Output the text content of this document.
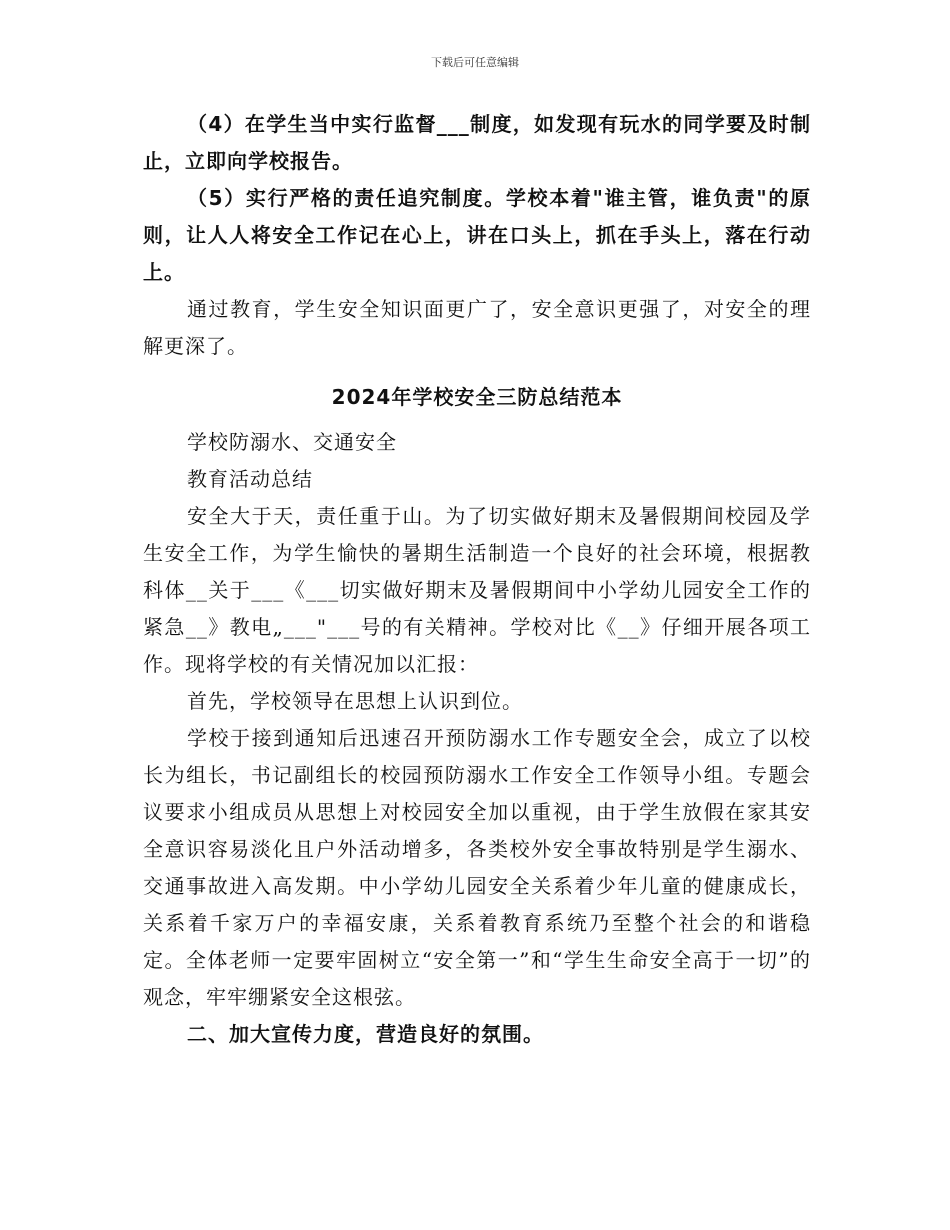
下载后可任意编辑

（4）在学生当中实行监督___制度，如发现有玩水的同学要及时制止，立即向学校报告。

（5）实行严格的责任追究制度。学校本着"谁主管，谁负责"的原则，让人人将安全工作记在心上，讲在口头上，抓在手头上，落在行动上。

通过教育，学生安全知识面更广了，安全意识更强了，对安全的理解更深了。

2024年学校安全三防总结范本

学校防溺水、交通安全

教育活动总结

安全大于天，责任重于山。为了切实做好期末及暑假期间校园及学生安全工作，为学生愉快的暑期生活制造一个良好的社会环境，根据教科体__关于___《___切实做好期末及暑假期间中小学幼儿园安全工作的紧急__》教电„___"___号的有关精神。学校对比《__》仔细开展各项工作。现将学校的有关情况加以汇报：

首先，学校领导在思想上认识到位。

学校于接到通知后迅速召开预防溺水工作专题安全会，成立了以校长为组长，书记副组长的校园预防溺水工作安全工作领导小组。专题会议要求小组成员从思想上对校园安全加以重视，由于学生放假在家其安全意识容易淡化且户外活动增多，各类校外安全事故特别是学生溺水、交通事故进入高发期。中小学幼儿园安全关系着少年儿童的健康成长，关系着千家万户的幸福安康，关系着教育系统乃至整个社会的和谐稳定。全体老师一定要牢固树立“安全第一”和“学生生命安全高于一切”的观念，牢牢绷紧安全这根弦。

二、加大宣传力度，营造良好的氛围。
